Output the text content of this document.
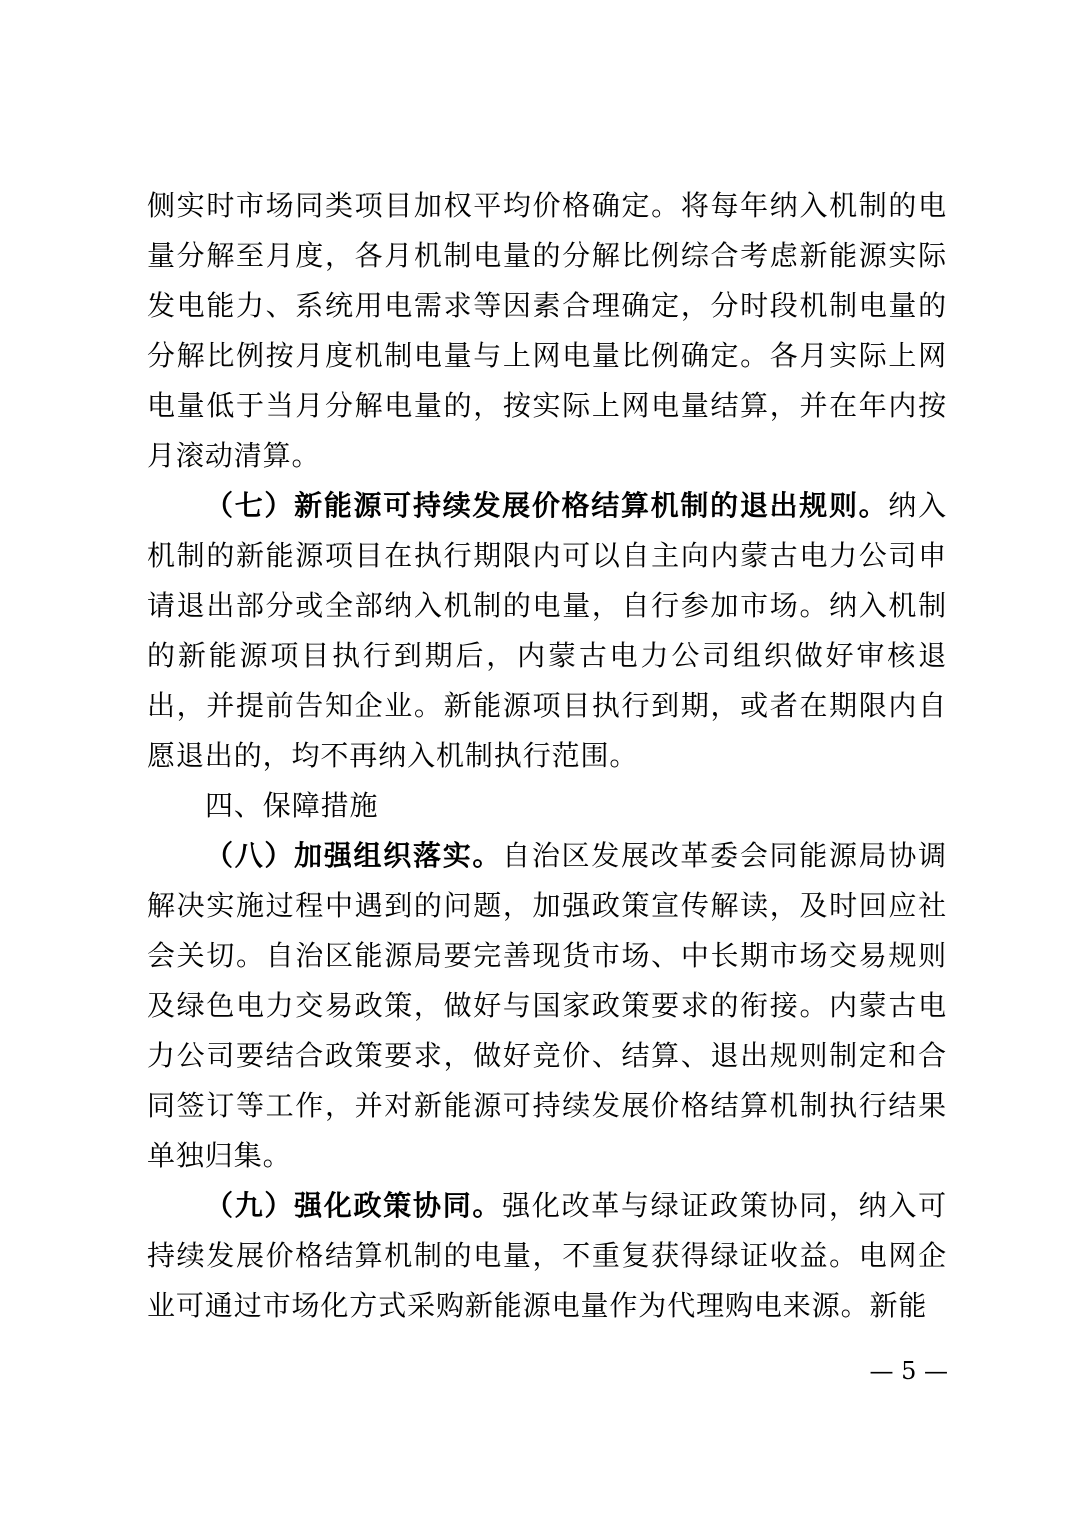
侧实时市场同类项目加权平均价格确定。将每年纳入机制的电量分解至月度，各月机制电量的分解比例综合考虑新能源实际发电能力、系统用电需求等因素合理确定，分时段机制电量的分解比例按月度机制电量与上网电量比例确定。各月实际上网电量低于当月分解电量的，按实际上网电量结算，并在年内按月滚动清算。

（七）新能源可持续发展价格结算机制的退出规则。纳入机制的新能源项目在执行期限内可以自主向内蒙古电力公司申请退出部分或全部纳入机制的电量，自行参加市场。纳入机制的新能源项目执行到期后，内蒙古电力公司组织做好审核退出，并提前告知企业。新能源项目执行到期，或者在期限内自愿退出的，均不再纳入机制执行范围。

四、保障措施

（八）加强组织落实。自治区发展改革委会同能源局协调解决实施过程中遇到的问题，加强政策宣传解读，及时回应社会关切。自治区能源局要完善现货市场、中长期市场交易规则及绿色电力交易政策，做好与国家政策要求的衔接。内蒙古电力公司要结合政策要求，做好竞价、结算、退出规则制定和合同签订等工作，并对新能源可持续发展价格结算机制执行结果单独归集。

（九）强化政策协同。强化改革与绿证政策协同，纳入可持续发展价格结算机制的电量，不重复获得绿证收益。电网企业可通过市场化方式采购新能源电量作为代理购电来源。新能

— 5 —
